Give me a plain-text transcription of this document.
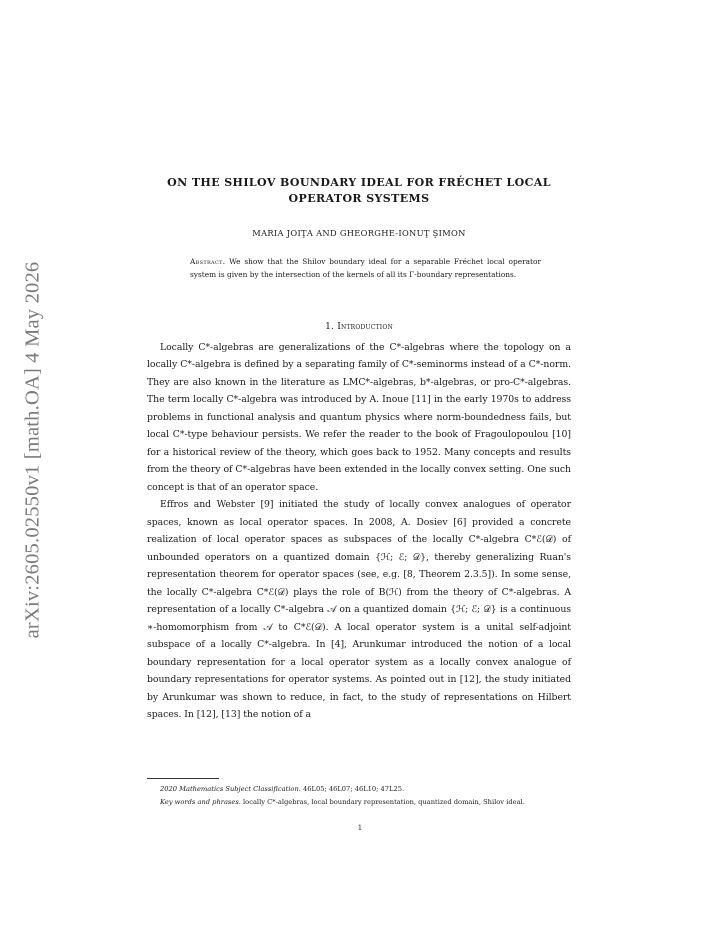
arXiv:2605.02550v1 [math.OA] 4 May 2026
ON THE SHILOV BOUNDARY IDEAL FOR FRÉCHET LOCAL
OPERATOR SYSTEMS
MARIA JOIŢA AND GHEORGHE-IONUŢ ŞIMON
Abstract. We show that the Shilov boundary ideal for a separable Fréchet local operator system is given by the intersection of the kernels of all its Γ-boundary representations.
1. Introduction

Locally C*-algebras are generalizations of the C*-algebras where the topology on a locally C*-algebra is defined by a separating family of C*-seminorms instead of a C*-norm. They are also known in the literature as LMC*-algebras, b*-algebras, or pro-C*-algebras. The term locally C*-algebra was introduced by A. Inoue [11] in the early 1970s to address problems in functional analysis and quantum physics where norm-boundedness fails, but local C*-type behaviour persists. We refer the reader to the book of Fragoulopoulou [10] for a historical review of the theory, which goes back to 1952. Many concepts and results from the theory of C*-algebras have been extended in the locally convex setting. One such concept is that of an operator space.

Effros and Webster [9] initiated the study of locally convex analogues of operator spaces, known as local operator spaces. In 2008, A. Dosiev [6] provided a concrete realization of local operator spaces as subspaces of the locally C*-algebra C*ℰ(𝒟) of unbounded operators on a quantized domain {ℋ; ℰ; 𝒟}, thereby generalizing Ruan's representation theorem for operator spaces (see, e.g. [8, Theorem 2.3.5]). In some sense, the locally C*-algebra C*ℰ(𝒟) plays the role of B(ℋ) from the theory of C*-algebras. A representation of a locally C*-algebra 𝒜 on a quantized domain {ℋ; ℰ; 𝒟} is a continuous ∗-homomorphism from 𝒜 to C*ℰ(𝒟). A local operator system is a unital self-adjoint subspace of a locally C*-algebra. In [4], Arunkumar introduced the notion of a local boundary representation for a local operator system as a locally convex analogue of boundary representations for operator systems. As pointed out in [12], the study initiated by Arunkumar was shown to reduce, in fact, to the study of representations on Hilbert spaces. In [12], [13] the notion of a

2020 Mathematics Subject Classification. 46L05; 46L07; 46L10; 47L25.

Key words and phrases. locally C*-algebras, local boundary representation, quantized domain, Shilov ideal.

1
